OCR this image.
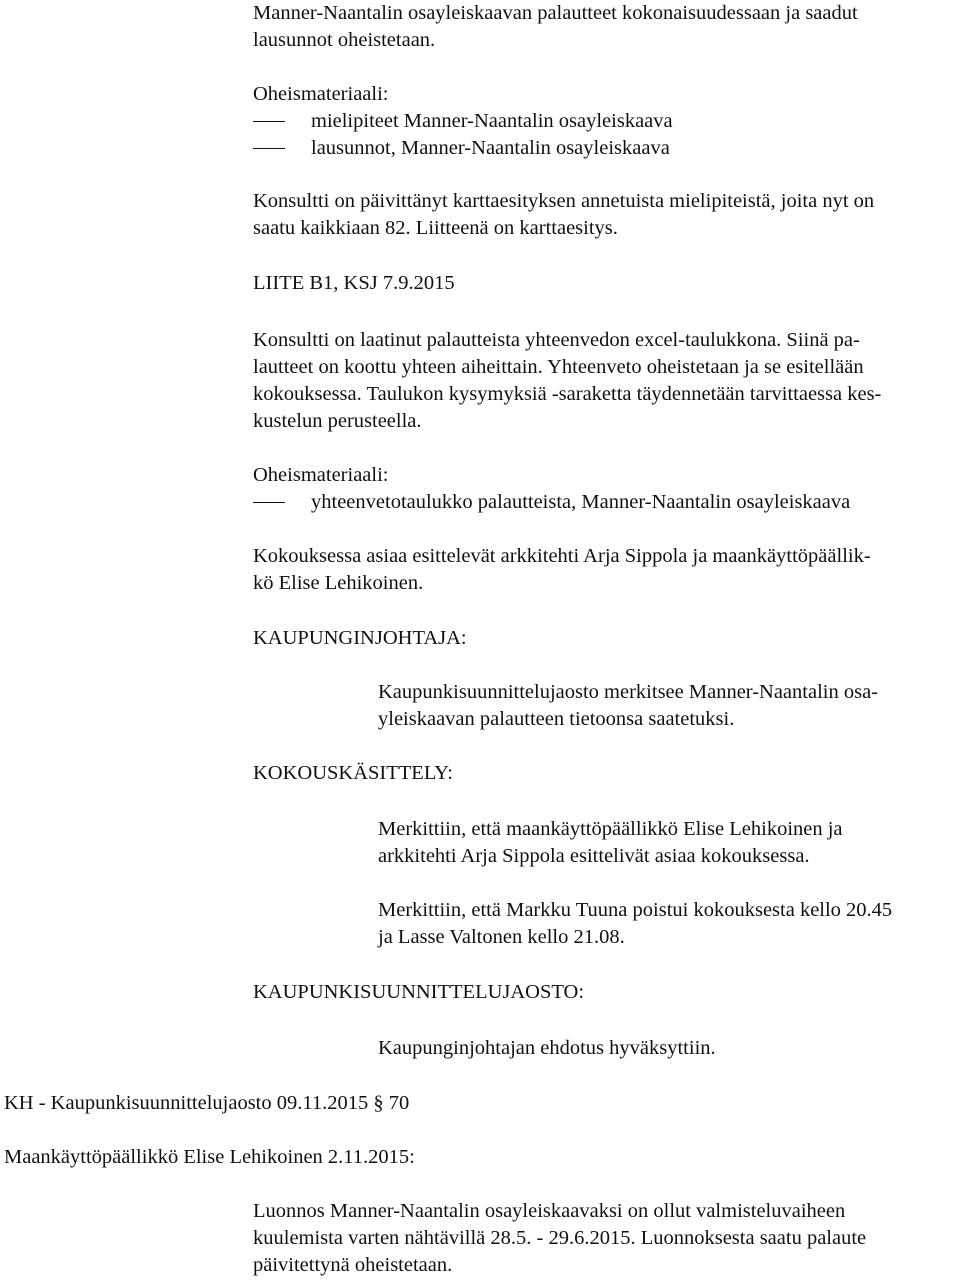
Manner-Naantalin osayleiskaavan palautteet kokonaisuudessaan ja saadut
lausunnot oheistetaan.
Oheismateriaali:
mielipiteet Manner-Naantalin osayleiskaava
lausunnot, Manner-Naantalin osayleiskaava
Konsultti on päivittänyt karttaesityksen annetuista mielipiteistä, joita nyt on
saatu kaikkiaan 82. Liitteenä on karttaesitys.
LIITE B1, KSJ 7.9.2015
Konsultti on laatinut palautteista yhteenvedon excel-taulukkona. Siinä pa-
lautteet on koottu yhteen aiheittain. Yhteenveto oheistetaan ja se esitellään
kokouksessa. Taulukon kysymyksiä -saraketta täydennetään tarvittaessa kes-
kustelun perusteella.
Oheismateriaali:
yhteenvetotaulukko palautteista, Manner-Naantalin osayleiskaava
Kokouksessa asiaa esittelevät arkkitehti Arja Sippola ja maankäyttöpäällik-
kö Elise Lehikoinen.
KAUPUNGINJOHTAJA:
Kaupunkisuunnittelujaosto merkitsee Manner-Naantalin osa-
yleiskaavan palautteen tietoonsa saatetuksi.
KOKOUSKÄSITTELY:
Merkittiin, että maankäyttöpäällikkö Elise Lehikoinen ja
arkkitehti Arja Sippola esittelivät asiaa kokouksessa.
Merkittiin, että Markku Tuuna poistui kokouksesta kello 20.45
ja Lasse Valtonen kello 21.08.
KAUPUNKISUUNNITTELUJAOSTO:
Kaupunginjohtajan ehdotus hyväksyttiin.
KH - Kaupunkisuunnittelujaosto 09.11.2015 § 70
Maankäyttöpäällikkö Elise Lehikoinen 2.11.2015:
Luonnos Manner-Naantalin osayleiskaavaksi on ollut valmisteluvaiheen
kuulemista varten nähtävillä 28.5. - 29.6.2015. Luonnoksesta saatu palaute
päivitettynä oheistetaan.
